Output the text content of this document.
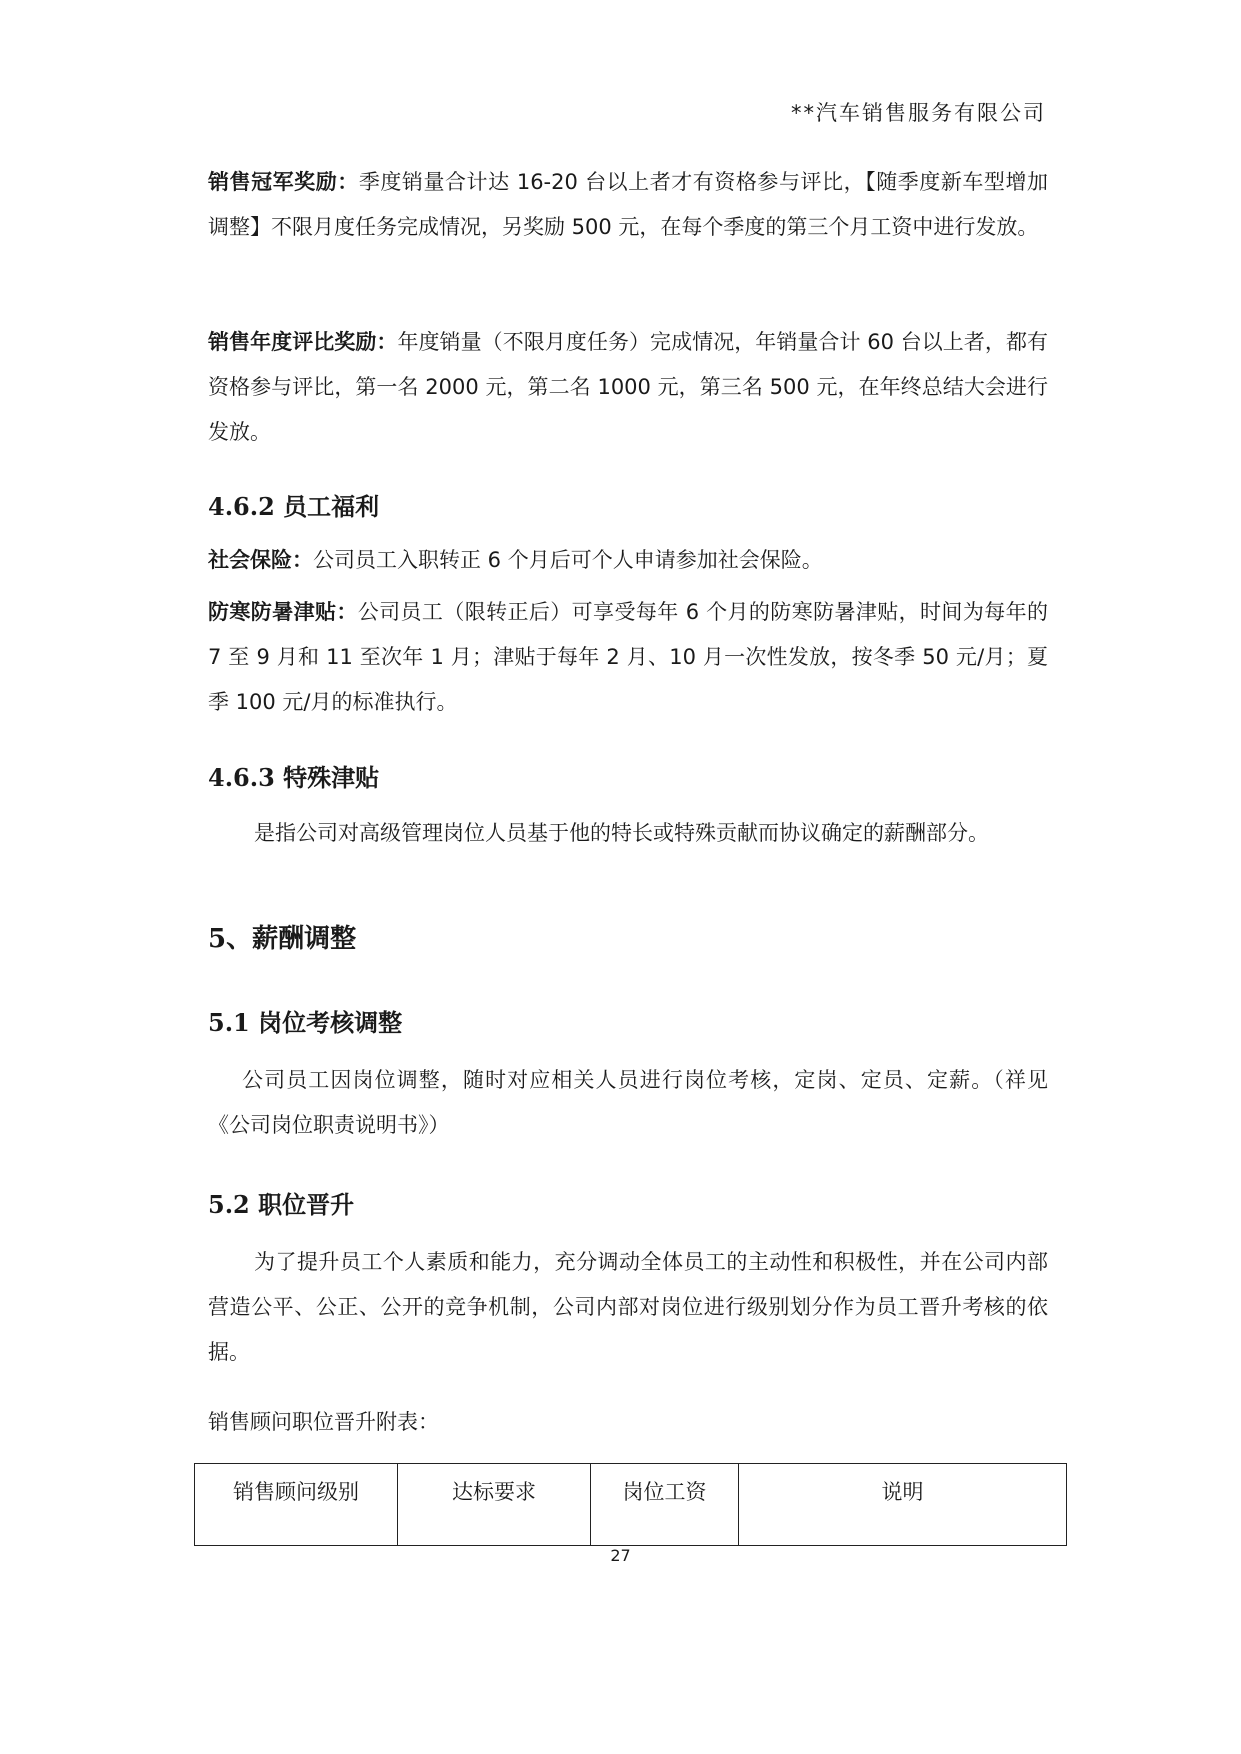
**汽车销售服务有限公司

销售冠军奖励：季度销量合计达 16-20 台以上者才有资格参与评比，【随季度新车型增加调整】不限月度任务完成情况，另奖励 500 元，在每个季度的第三个月工资中进行发放。

销售年度评比奖励：年度销量（不限月度任务）完成情况，年销量合计 60 台以上者，都有资格参与评比，第一名 2000 元，第二名 1000 元，第三名 500 元，在年终总结大会进行发放。

4.6.2 员工福利

社会保险：公司员工入职转正 6 个月后可个人申请参加社会保险。

防寒防暑津贴：公司员工（限转正后）可享受每年 6 个月的防寒防暑津贴，时间为每年的 7 至 9 月和 11 至次年 1 月；津贴于每年 2 月、10 月一次性发放，按冬季 50 元/月；夏季 100 元/月的标准执行。

4.6.3 特殊津贴

是指公司对高级管理岗位人员基于他的特长或特殊贡献而协议确定的薪酬部分。

5、薪酬调整
5.1 岗位考核调整

公司员工因岗位调整，随时对应相关人员进行岗位考核，定岗、定员、定薪。（祥见《公司岗位职责说明书》）

5.2 职位晋升

为了提升员工个人素质和能力，充分调动全体员工的主动性和积极性，并在公司内部营造公平、公正、公开的竞争机制，公司内部对岗位进行级别划分作为员工晋升考核的依据。

销售顾问职位晋升附表：

销售顾问级别	达标要求	岗位工资	说明
27
